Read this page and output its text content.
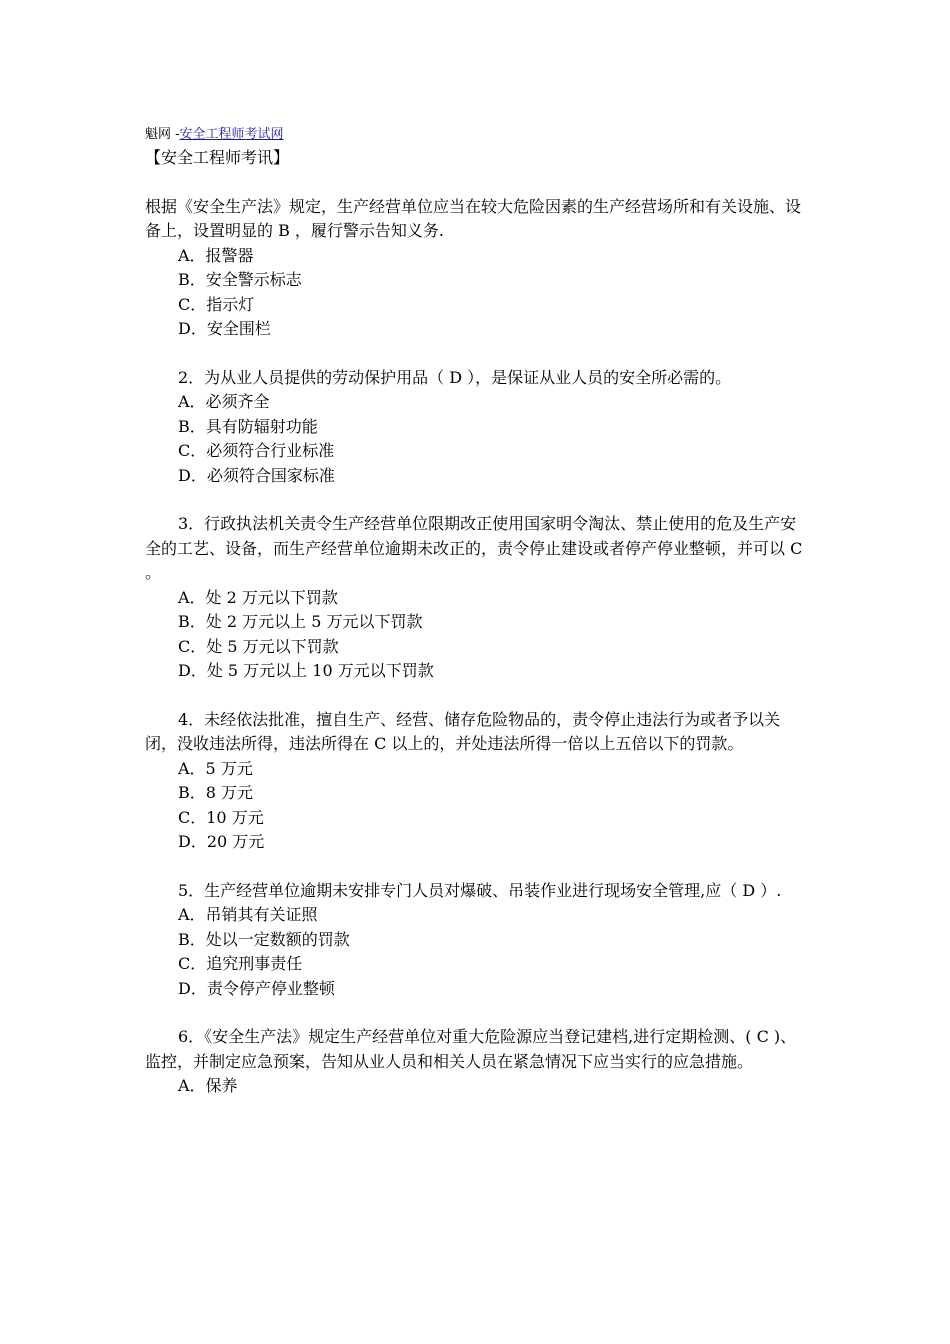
魁网 -安全工程师考试网
【安全工程师考讯】

根据《安全生产法》规定，生产经营单位应当在较大危险因素的生产经营场所和有关设施、设备上，设置明显的 B ，履行警示告知义务.

A．报警器
B．安全警示标志
C．指示灯
D．安全围栏

2．为从业人员提供的劳动保护用品（ D ），是保证从业人员的安全所必需的。

A．必须齐全
B．具有防辐射功能
C．必须符合行业标准
D．必须符合国家标准

3．行政执法机关责令生产经营单位限期改正使用国家明令淘汰、禁止使用的危及生产安全的工艺、设备，而生产经营单位逾期未改正的，责令停止建设或者停产停业整顿，并可以 C 。

A．处 2 万元以下罚款
B．处 2 万元以上 5 万元以下罚款
C．处 5 万元以下罚款
D．处 5 万元以上 10 万元以下罚款

4．未经依法批准，擅自生产、经营、储存危险物品的，责令停止违法行为或者予以关闭，没收违法所得，违法所得在 C 以上的，并处违法所得一倍以上五倍以下的罚款。

A．5 万元
B．8 万元
C．10 万元
D．20 万元

5．生产经营单位逾期未安排专门人员对爆破、吊装作业进行现场安全管理,应（ D ）.

A．吊销其有关证照
B．处以一定数额的罚款
C．追究刑事责任
D．责令停产停业整顿

6．《安全生产法》规定生产经营单位对重大危险源应当登记建档,进行定期检测、( C )、监控，并制定应急预案，告知从业人员和相关人员在紧急情况下应当实行的应急措施。

A．保养
